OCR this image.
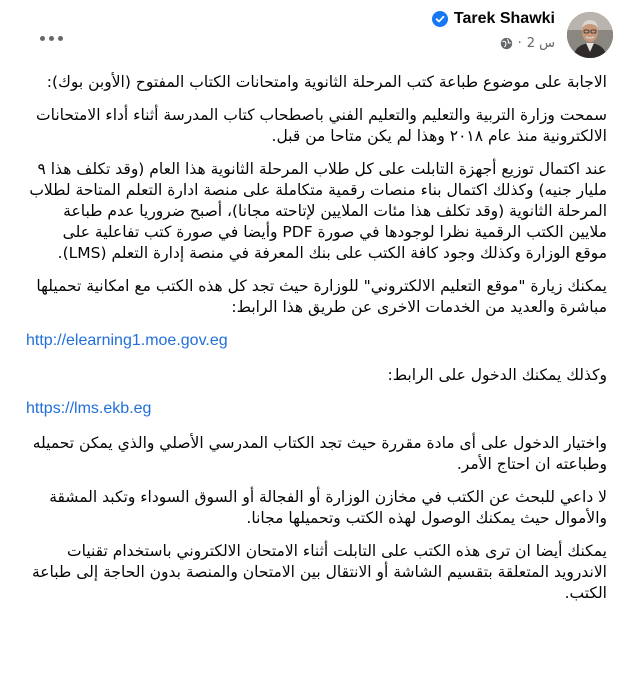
Tarek Shawki
· 2 س

الاجابة على موضوع طباعة كتب المرحلة الثانوية وامتحانات الكتاب المفتوح (الأوبن بوك):

سمحت وزارة التربية والتعليم والتعليم الفني باصطحاب كتاب المدرسة أثناء أداء الامتحانات الالكترونية منذ عام ٢٠١٨ وهذا لم يكن متاحا من قبل.

عند اكتمال توزيع أجهزة التابلت على كل طلاب المرحلة الثانوية هذا العام (وقد تكلف هذا ٩ مليار جنيه) وكذلك اكتمال بناء منصات رقمية متكاملة على منصة ادارة التعلم المتاحة لطلاب المرحلة الثانوية (وقد تكلف هذا مئات الملايين لإتاحته مجانا)، أصبح ضروريا عدم طباعة ملايين الكتب الرقمية نظرا لوجودها في صورة PDF وأيضا في صورة كتب تفاعلية على موقع الوزارة وكذلك وجود كافة الكتب على بنك المعرفة في منصة إدارة التعلم (LMS).

يمكنك زيارة "موقع التعليم الالكتروني" للوزارة حيث تجد كل هذه الكتب مع امكانية تحميلها مباشرة والعديد من الخدمات الاخرى عن طريق هذا الرابط:

http://elearning1.moe.gov.eg

وكذلك يمكنك الدخول على الرابط:

https://lms.ekb.eg

واختيار الدخول على أى مادة مقررة حيث تجد الكتاب المدرسي الأصلي والذي يمكن تحميله وطباعته ان احتاج الأمر.

لا داعي للبحث عن الكتب في مخازن الوزارة أو الفجالة أو السوق السوداء وتكبد المشقة والأموال حيث يمكنك الوصول لهذه الكتب وتحميلها مجانا.

يمكنك أيضا ان ترى هذه الكتب على التابلت أثناء الامتحان الالكتروني باستخدام تقنيات الاندرويد المتعلقة بتقسيم الشاشة أو الانتقال بين الامتحان والمنصة بدون الحاجة إلى طباعة الكتب.
